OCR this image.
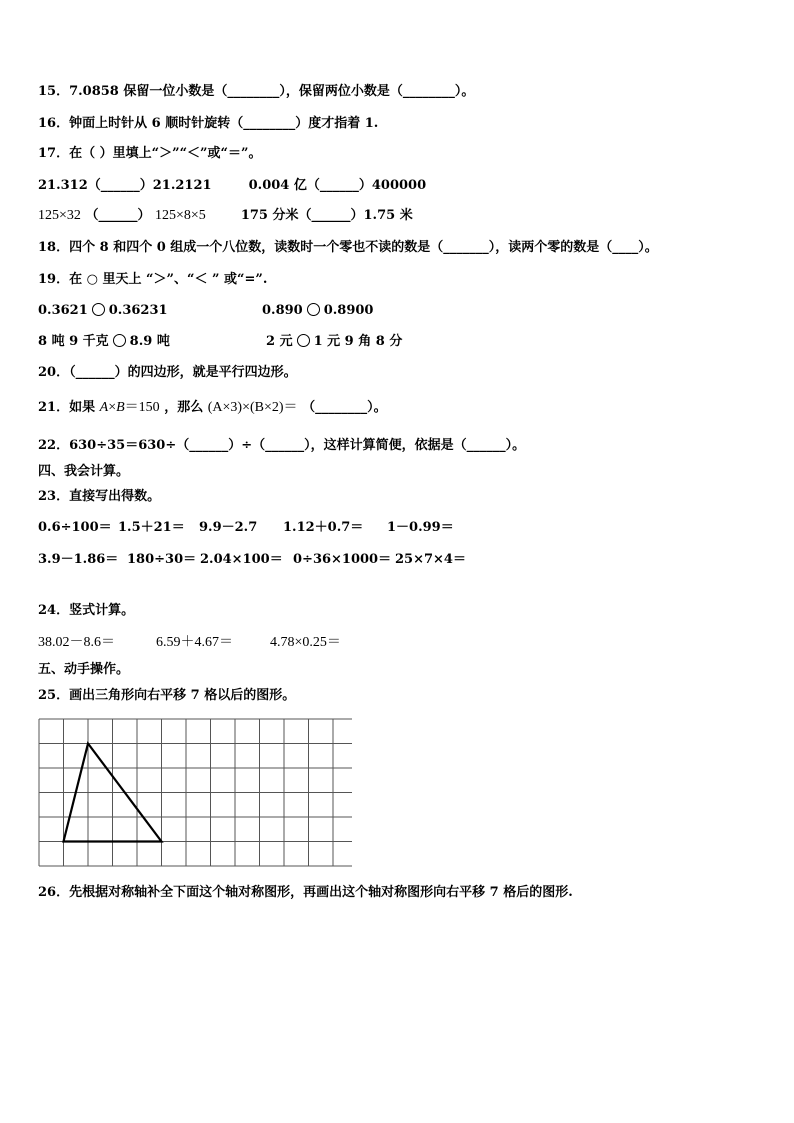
15．7.0858 保留一位小数是（________），保留两位小数是（________）。
16．钟面上时针从 6 顺时针旋转（________）度才指着 1.
17．在（ ）里填上“＞”“＜”或“＝”。
21.312（______）21.2121	0.004 亿（______）400000
125×32 （______） 125×8×5	175 分米（______）1.75 米
18．四个 8 和四个 0 组成一个八位数，读数时一个零也不读的数是（_______），读两个零的数是（____）。
19．在 ○ 里天上 “＞”、“＜ ” 或“=”.
0.3621 0.36231	0.890 0.8900
8 吨 9 千克 8.9 吨	2 元 1 元 9 角 8 分
20．（______）的四边形，就是平行四边形。
21．如果 A×B＝150 ，那么 (A×3)×(B×2)＝ （________）。
22．630÷35＝630÷（______）÷（______），这样计算简便，依据是（______）。
四、我会计算。
23．直接写出得数。
0.6÷100＝ 1.5＋21＝ 9.9－2.7 1.12＋0.7＝ 1－0.99＝
3.9－1.86＝ 180÷30＝ 2.04×100＝ 0÷36×1000＝ 25×7×4＝
24．竖式计算。
38.02－8.6＝	6.59＋4.67＝	4.78×0.25＝
五、动手操作。
25．画出三角形向右平移 7 格以后的图形。
26．先根据对称轴补全下面这个轴对称图形，再画出这个轴对称图形向右平移 7 格后的图形.
